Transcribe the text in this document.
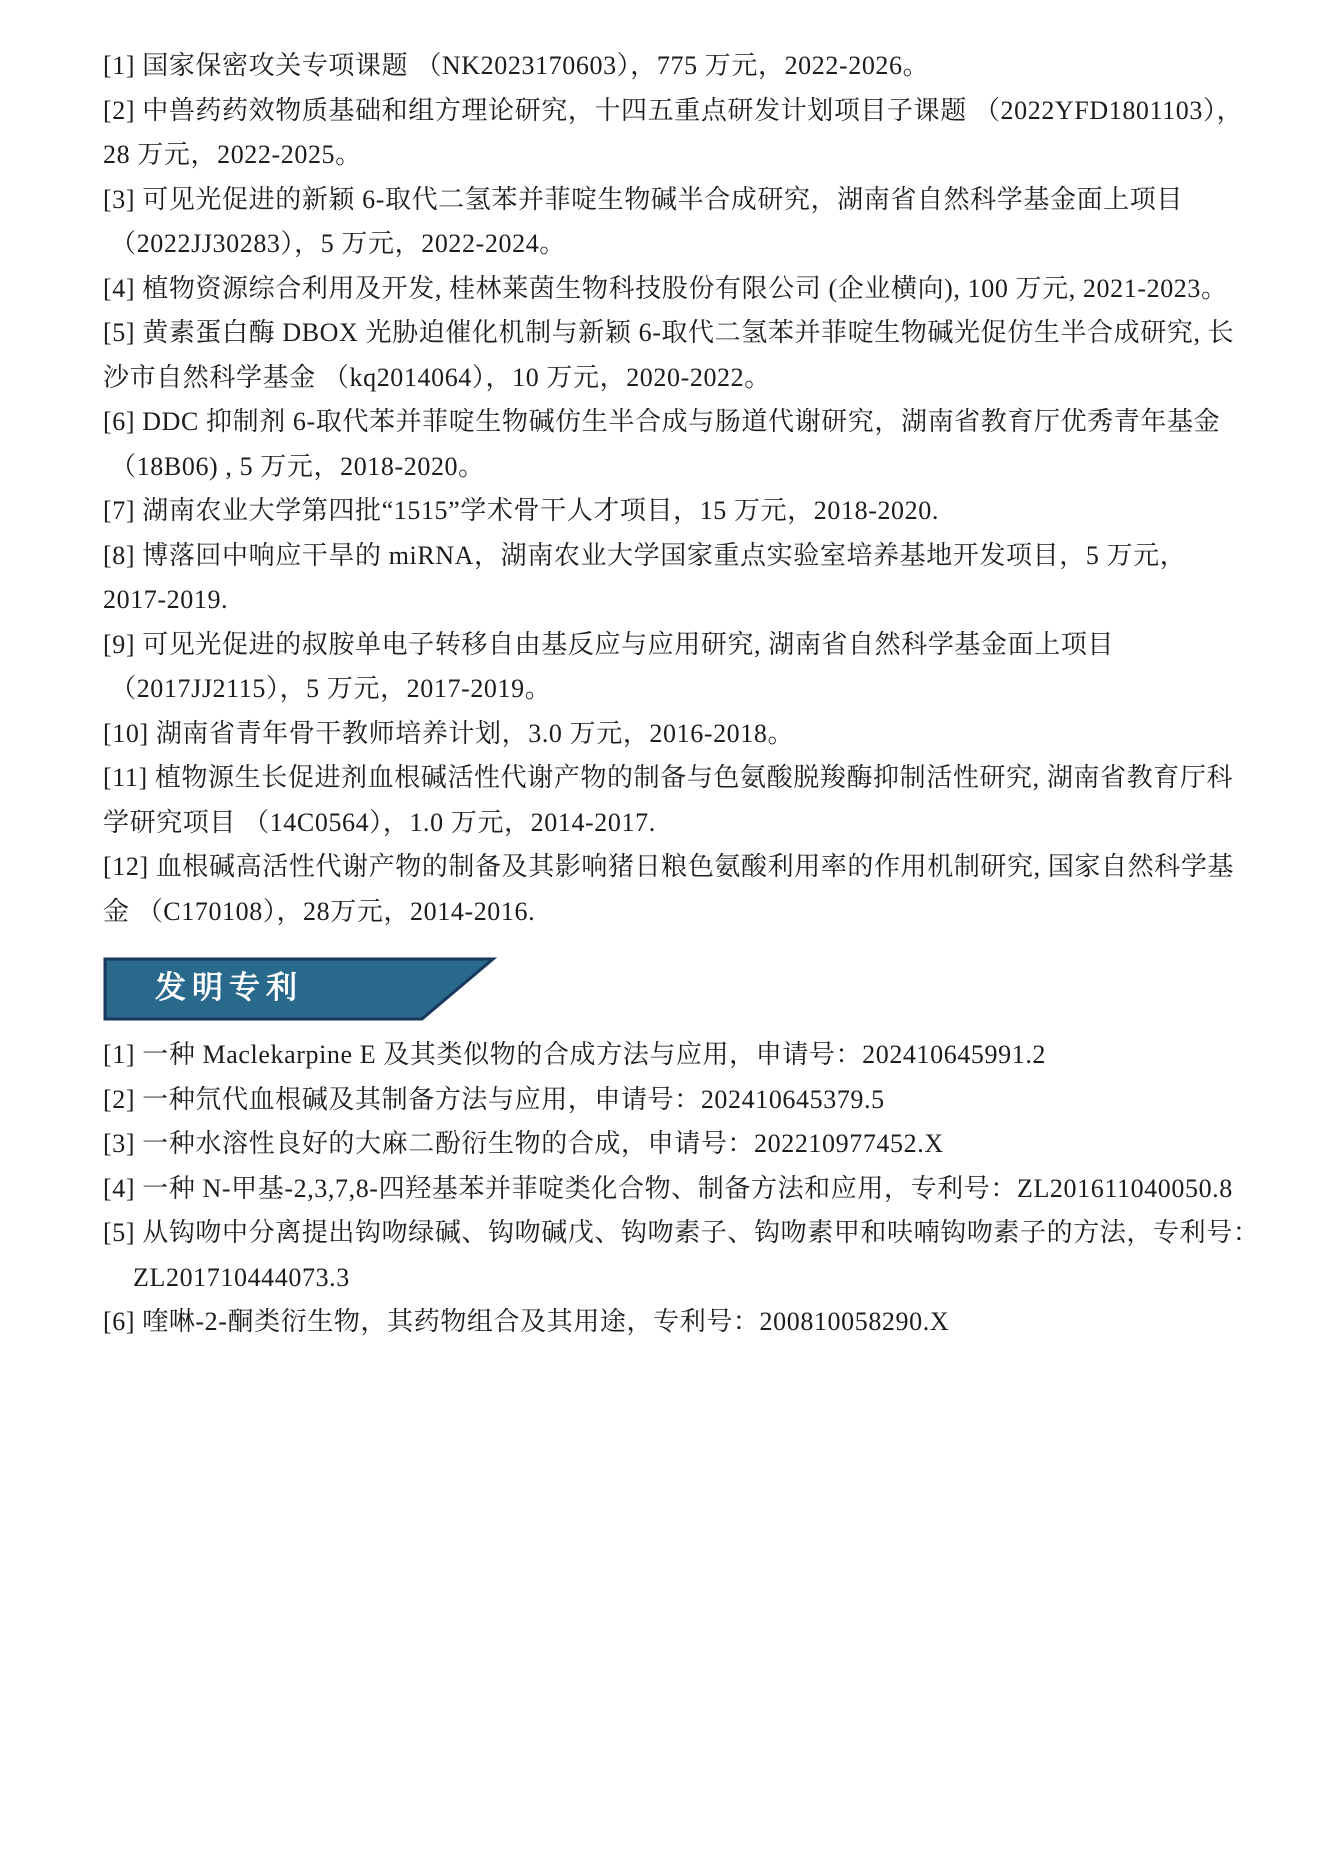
[1] 国家保密攻关专项课题 （NK2023170603），775 万元，2022-2026。
[2] 中兽药药效物质基础和组方理论研究，十四五重点研发计划项目子课题 （2022YFD1801103），
28 万元，2022-2025。
[3] 可见光促进的新颖 6-取代二氢苯并菲啶生物碱半合成研究，湖南省自然科学基金面上项目
（2022JJ30283），5 万元，2022-2024。
[4] 植物资源综合利用及开发, 桂林莱茵生物科技股份有限公司 (企业横向), 100 万元, 2021-2023。
[5] 黄素蛋白酶 DBOX 光胁迫催化机制与新颖 6-取代二氢苯并菲啶生物碱光促仿生半合成研究, 长
沙市自然科学基金 （kq2014064），10 万元，2020-2022。
[6] DDC 抑制剂 6-取代苯并菲啶生物碱仿生半合成与肠道代谢研究，湖南省教育厅优秀青年基金
（18B06) , 5 万元，2018-2020。
[7] 湖南农业大学第四批“1515”学术骨干人才项目，15 万元，2018-2020.
[8] 博落回中响应干旱的 miRNA，湖南农业大学国家重点实验室培养基地开发项目，5 万元，
2017-2019.
[9] 可见光促进的叔胺单电子转移自由基反应与应用研究, 湖南省自然科学基金面上项目
（2017JJ2115），5 万元，2017-2019。
[10] 湖南省青年骨干教师培养计划，3.0 万元，2016-2018。
[11] 植物源生长促进剂血根碱活性代谢产物的制备与色氨酸脱羧酶抑制活性研究, 湖南省教育厅科
学研究项目 （14C0564），1.0 万元，2014-2017.
[12] 血根碱高活性代谢产物的制备及其影响猪日粮色氨酸利用率的作用机制研究, 国家自然科学基
金 （C170108），28万元，2014-2016.
发明专利
[1] 一种 Maclekarpine E 及其类似物的合成方法与应用，申请号：202410645991.2
[2] 一种氘代血根碱及其制备方法与应用，申请号：202410645379.5
[3] 一种水溶性良好的大麻二酚衍生物的合成，申请号：202210977452.X
[4] 一种 N-甲基-2,3,7,8-四羟基苯并菲啶类化合物、制备方法和应用，专利号：ZL201611040050.8
[5] 从钩吻中分离提出钩吻绿碱、钩吻碱戊、钩吻素子、钩吻素甲和呋喃钩吻素子的方法，专利号：
ZL201710444073.3
[6] 喹啉-2-酮类衍生物，其药物组合及其用途，专利号：200810058290.X
